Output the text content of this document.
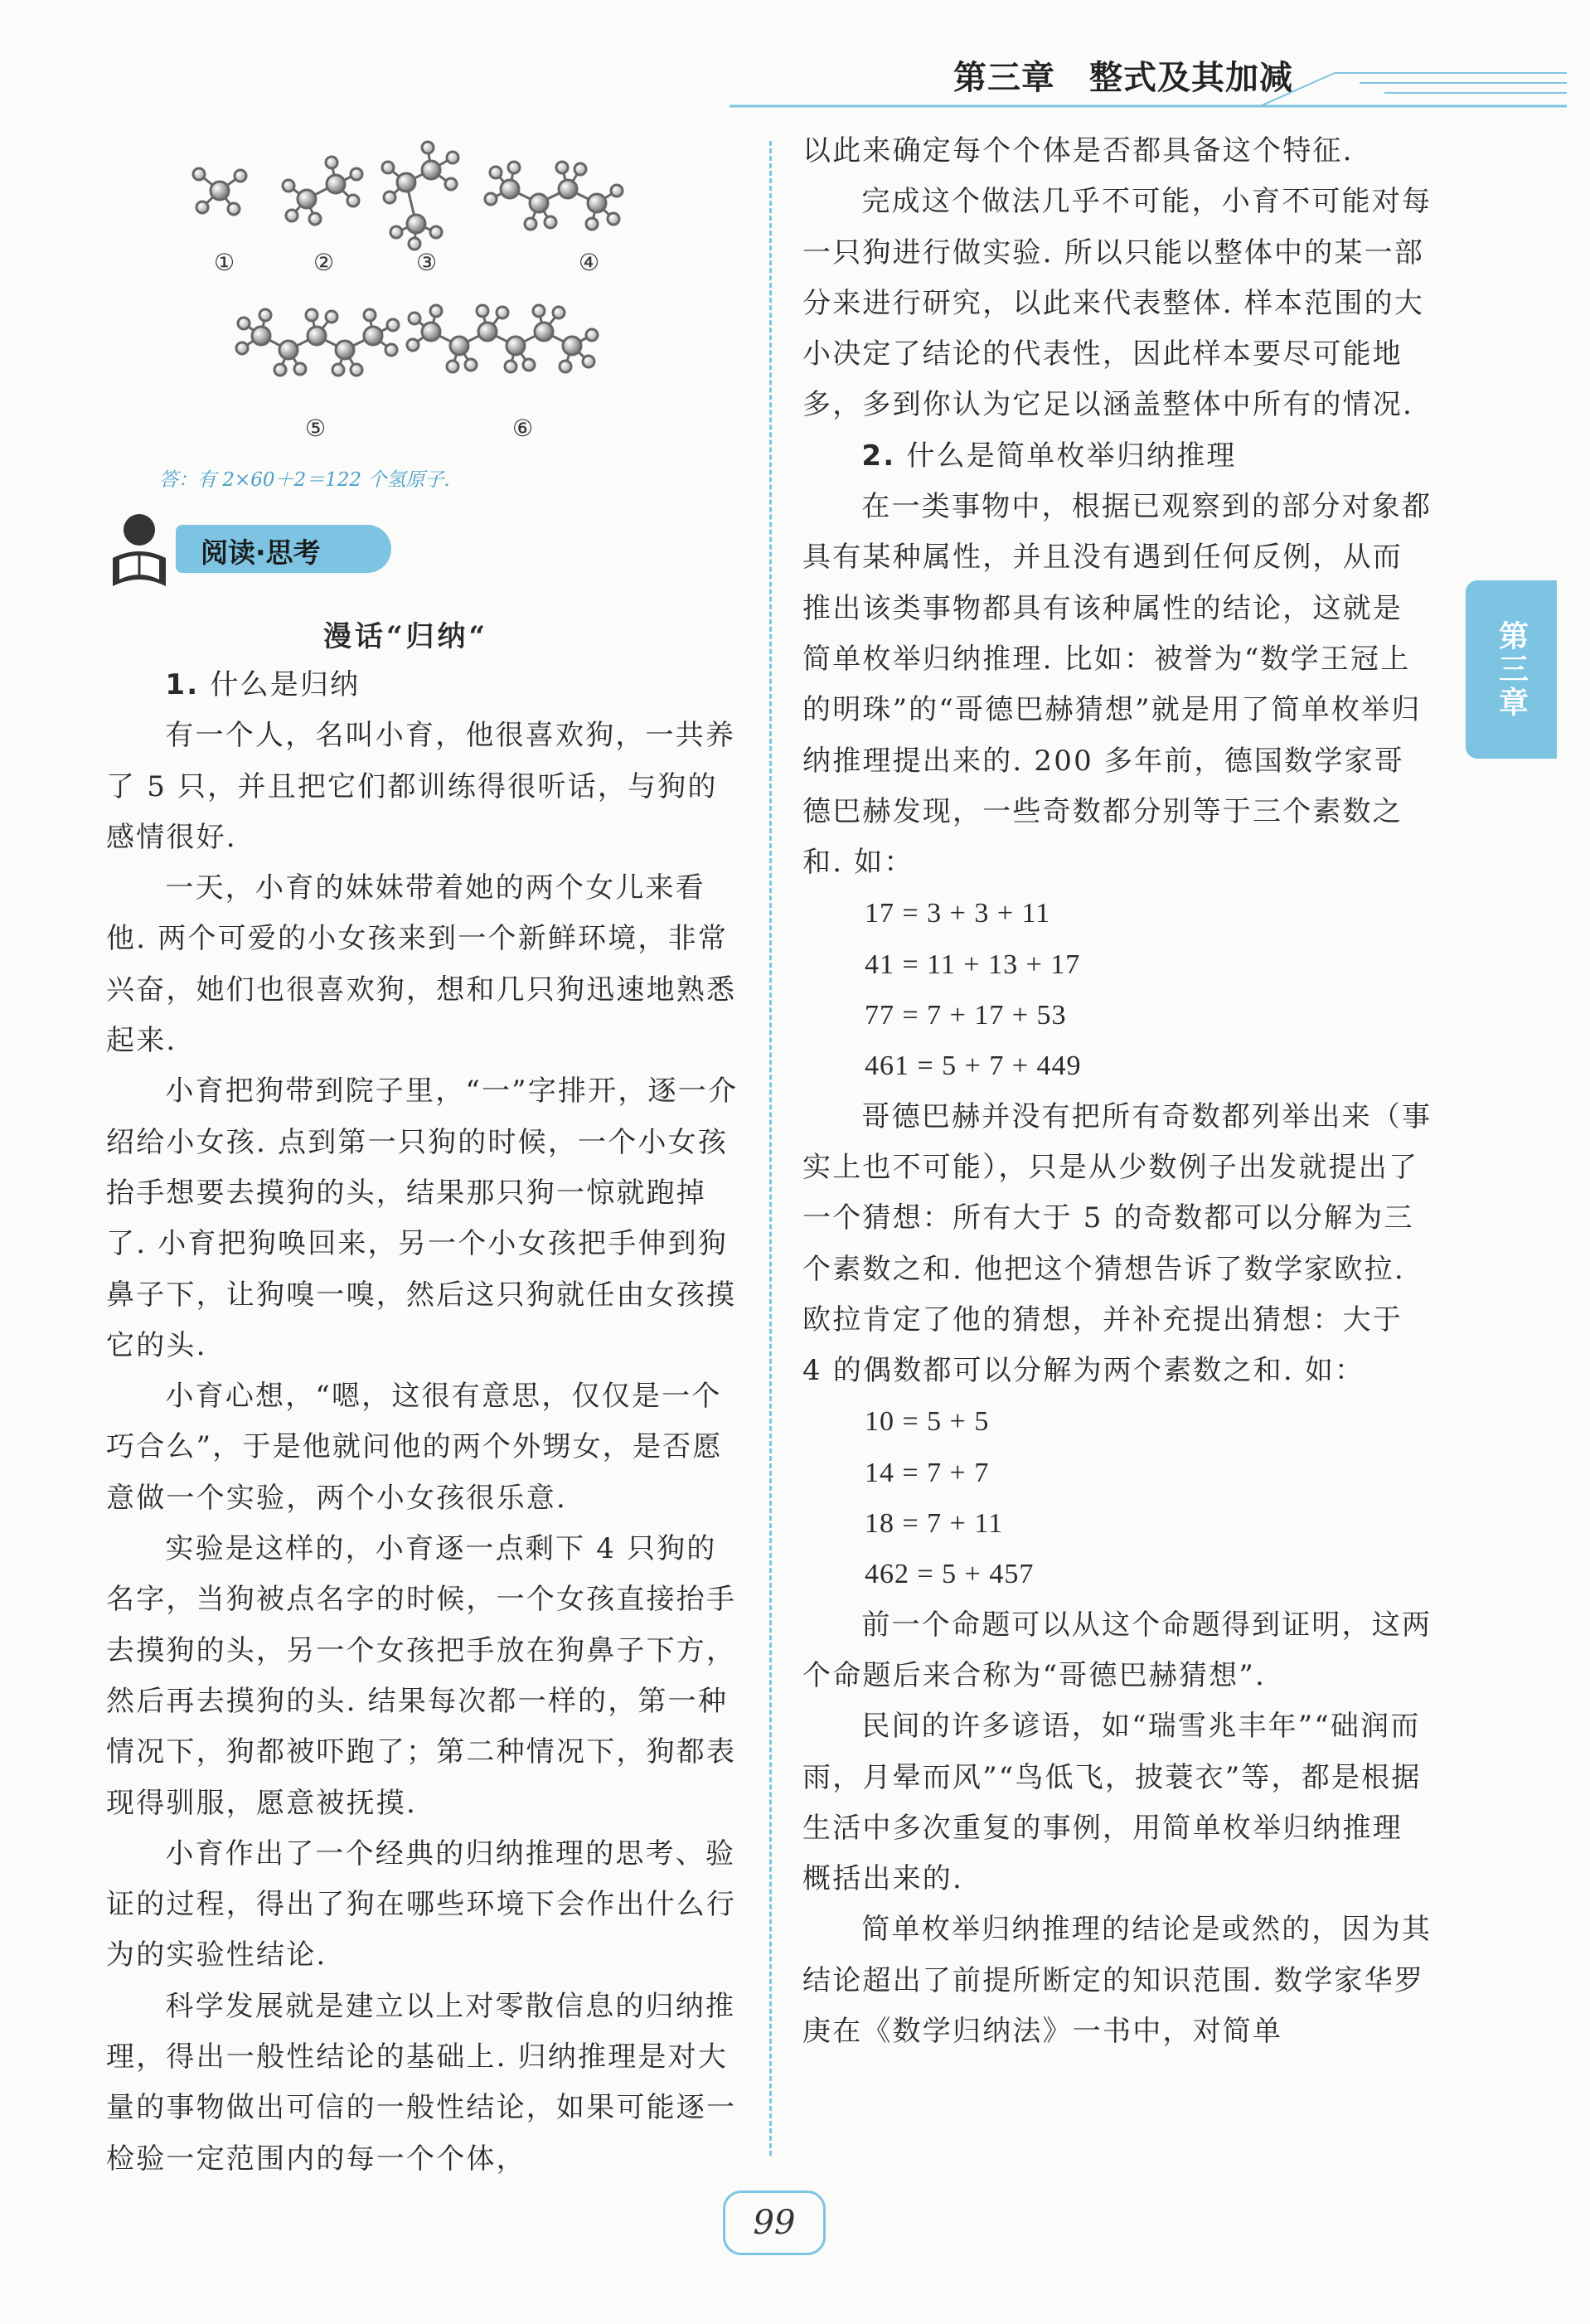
第三章　整式及其加减
第三章
①	②	③	④
⑤	⑥
答：有 2×60＋2＝122 个氢原子.
阅读·思考
漫话“归纳“

1. 什么是归纳

有一个人，名叫小育，他很喜欢狗，一共养了 5 只，并且把它们都训练得很听话，与狗的感情很好.

一天，小育的妹妹带着她的两个女儿来看他. 两个可爱的小女孩来到一个新鲜环境，非常兴奋，她们也很喜欢狗，想和几只狗迅速地熟悉起来.

小育把狗带到院子里，“一”字排开，逐一介绍给小女孩. 点到第一只狗的时候，一个小女孩抬手想要去摸狗的头，结果那只狗一惊就跑掉了. 小育把狗唤回来，另一个小女孩把手伸到狗鼻子下，让狗嗅一嗅，然后这只狗就任由女孩摸它的头.

小育心想，“嗯，这很有意思，仅仅是一个巧合么”，于是他就问他的两个外甥女，是否愿意做一个实验，两个小女孩很乐意.

实验是这样的，小育逐一点剩下 4 只狗的名字，当狗被点名字的时候，一个女孩直接抬手去摸狗的头，另一个女孩把手放在狗鼻子下方，然后再去摸狗的头. 结果每次都一样的，第一种情况下，狗都被吓跑了；第二种情况下，狗都表现得驯服，愿意被抚摸.

小育作出了一个经典的归纳推理的思考、验证的过程，得出了狗在哪些环境下会作出什么行为的实验性结论.

科学发展就是建立以上对零散信息的归纳推理，得出一般性结论的基础上. 归纳推理是对大量的事物做出可信的一般性结论，如果可能逐一检验一定范围内的每一个个体，

以此来确定每个个体是否都具备这个特征.

完成这个做法几乎不可能，小育不可能对每一只狗进行做实验. 所以只能以整体中的某一部分来进行研究，以此来代表整体. 样本范围的大小决定了结论的代表性，因此样本要尽可能地多，多到你认为它足以涵盖整体中所有的情况.

2. 什么是简单枚举归纳推理

在一类事物中，根据已观察到的部分对象都具有某种属性，并且没有遇到任何反例，从而推出该类事物都具有该种属性的结论，这就是简单枚举归纳推理. 比如：被誉为“数学王冠上的明珠”的“哥德巴赫猜想”就是用了简单枚举归纳推理提出来的. 200 多年前，德国数学家哥德巴赫发现，一些奇数都分别等于三个素数之和. 如：

17 = 3 + 3 + 11

41 = 11 + 13 + 17

77 = 7 + 17 + 53

461 = 5 + 7 + 449

哥德巴赫并没有把所有奇数都列举出来（事实上也不可能），只是从少数例子出发就提出了一个猜想：所有大于 5 的奇数都可以分解为三个素数之和. 他把这个猜想告诉了数学家欧拉. 欧拉肯定了他的猜想，并补充提出猜想：大于 4 的偶数都可以分解为两个素数之和. 如：

10 = 5 + 5

14 = 7 + 7

18 = 7 + 11

462 = 5 + 457

前一个命题可以从这个命题得到证明，这两个命题后来合称为“哥德巴赫猜想”.

民间的许多谚语，如“瑞雪兆丰年”“础润而雨，月晕而风”“鸟低飞，披蓑衣”等，都是根据生活中多次重复的事例，用简单枚举归纳推理概括出来的.

简单枚举归纳推理的结论是或然的，因为其结论超出了前提所断定的知识范围. 数学家华罗庚在《数学归纳法》一书中，对简单

99
